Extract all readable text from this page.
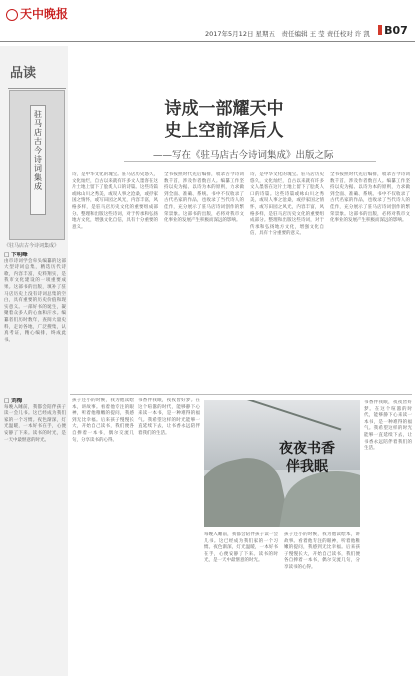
天中晚报
2017年5月12日 星期五　责任编辑 王 莹 责任校对 许 凯	B07
品读
驻马店古今诗词集成
《驻马店古今诗词集成》
诗成一部耀天中
史上空前泽后人
——写在《驻马店古今诗词集成》出版之际
□ 卞明峰
由市诗词学会牵头编纂的这部大型诗词总集，精选历代诗歌，内容丰富，史料翔实，是我市文化建设的一项重要成果。这部书的出版，填补了驻马店历史上没有诗词总集的空白，具有重要的历史价值和现实意义。一部好书的诞生，凝聚着众多人的心血和汗水。编纂者们历时数年，查阅大量史料，走访各地，广泛搜集，认真考证，精心编排，终成此书。
诗，是中华文化的瑰宝。驻马店历史悠久，文化灿烂，自古以来就有许多文人墨客在这片土地上留下了脍炙人口的诗篇。这些诗篇或咏山川之秀美，或叹人事之沧桑，或抒家国之情怀，或写田园之风光，内容丰富，风格多样，是驻马店历史文化的重要组成部分。整理和出版这些诗词，对于传承和弘扬地方文化，增强文化自信，具有十分重要的意义。
全书按照时代先后编排，收录古今诗词数千首，涉及作者数百人。编纂工作坚持以史为据、以诗为本的原则，力求做到全面、准确、系统。书中不仅收录了古代名家的作品，也收录了当代诗人的佳作，充分展示了驻马店诗词创作的繁荣景象。这部书的出版，必将对我市文化事业的发展产生积极而深远的影响。
诗，是中华文化的瑰宝。驻马店历史悠久，文化灿烂，自古以来就有许多文人墨客在这片土地上留下了脍炙人口的诗篇。这些诗篇或咏山川之秀美，或叹人事之沧桑，或抒家国之情怀，或写田园之风光，内容丰富，风格多样，是驻马店历史文化的重要组成部分。整理和出版这些诗词，对于传承和弘扬地方文化，增强文化自信，具有十分重要的意义。
全书按照时代先后编排，收录古今诗词数千首，涉及作者数百人。编纂工作坚持以史为据、以诗为本的原则，力求做到全面、准确、系统。书中不仅收录了古代名家的作品，也收录了当代诗人的佳作，充分展示了驻马店诗词创作的繁荣景象。这部书的出版，必将对我市文化事业的发展产生积极而深远的影响。
□ 刘梅
每晚入睡前，我都会陪伴孩子读一会儿书。这已经成为我们家的一个习惯。夜色渐深，灯光温暖，一本好书在手，心便安静了下来。读书的时光，是一天中最惬意的时光。
孩子还小的时候，我为他读绘本，讲故事。看着他专注的眼神，听着他稚嫩的提问，我感到无比幸福。后来孩子慢慢长大，开始自己读书，我们便各自捧着一本书，偶尔交流几句，分享读书的心得。
书香伴我眠，夜夜皆好梦。在这个喧嚣的时代，能够静下心来读一本书，是一种难得的福气。我希望这样的时光能够一直延续下去，让书香永远陪伴着我们的生活。
夜夜书香
伴我眠
每晚入睡前，我都会陪伴孩子读一会儿书。这已经成为我们家的一个习惯。夜色渐深，灯光温暖，一本好书在手，心便安静了下来。读书的时光，是一天中最惬意的时光。
孩子还小的时候，我为他读绘本，讲故事。看着他专注的眼神，听着他稚嫩的提问，我感到无比幸福。后来孩子慢慢长大，开始自己读书，我们便各自捧着一本书，偶尔交流几句，分享读书的心得。
书香伴我眠，夜夜皆好梦。在这个喧嚣的时代，能够静下心来读一本书，是一种难得的福气。我希望这样的时光能够一直延续下去，让书香永远陪伴着我们的生活。
